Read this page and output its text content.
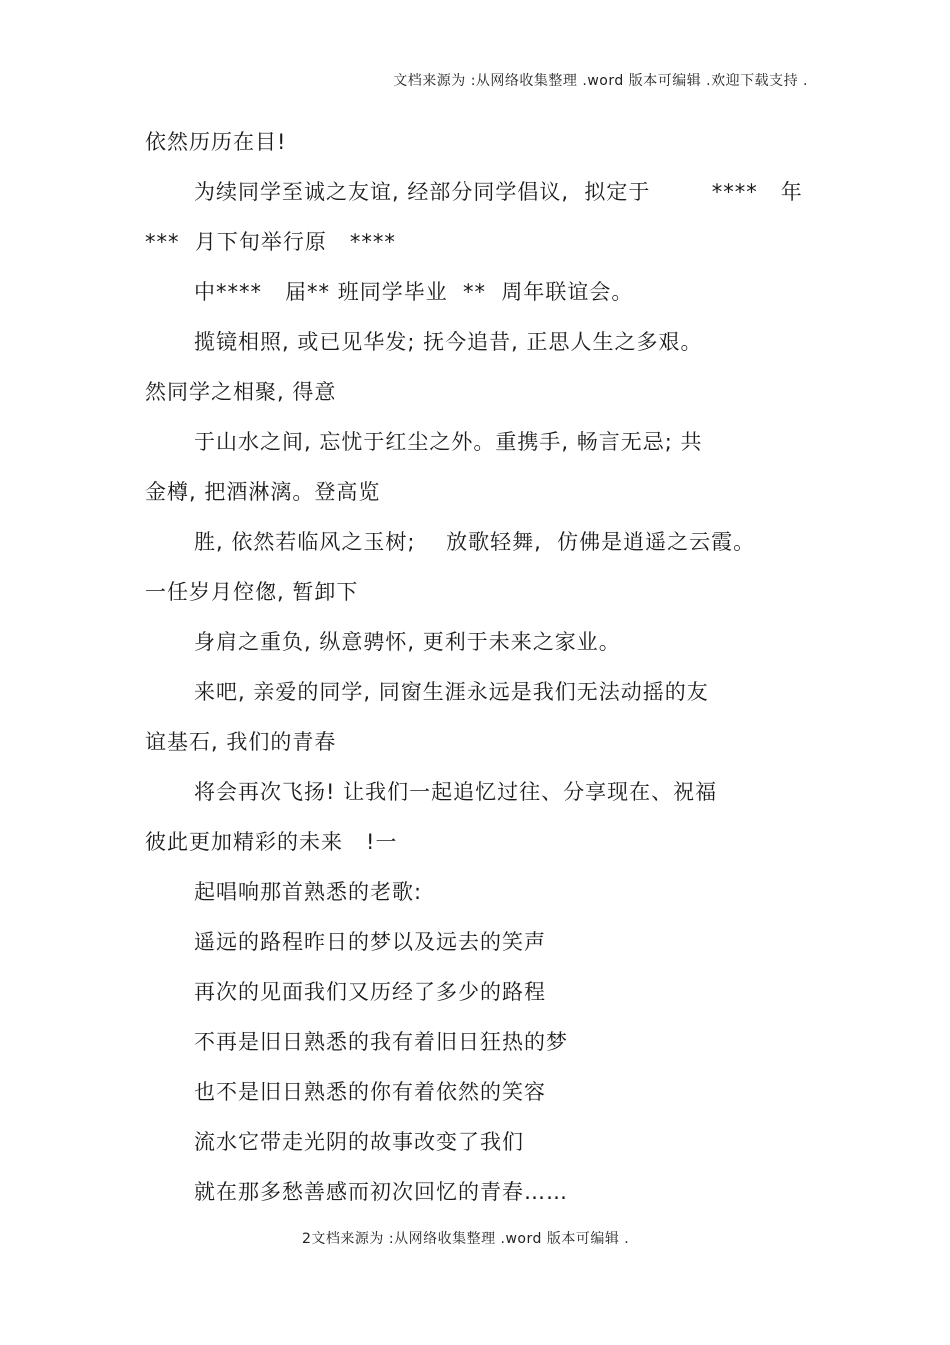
文档来源为 :从网络收集整理 .word 版本可编辑 .欢迎下载支持 .
依然历历在目!
为续同学至诚之友谊, 经部分同学倡议,  拟定于        ****   年
***  月下旬举行原   ****
中****   届** 班同学毕业  **  周年联谊会。
揽镜相照, 或已见华发; 抚今追昔, 正思人生之多艰。
然同学之相聚, 得意
于山水之间, 忘忧于红尘之外。重携手, 畅言无忌; 共
金樽, 把酒淋漓。登高览
胜, 依然若临风之玉树;    放歌轻舞,  仿佛是逍遥之云霞。
一任岁月倥偬, 暂卸下
身肩之重负, 纵意骋怀, 更利于未来之家业。
来吧, 亲爱的同学, 同窗生涯永远是我们无法动摇的友
谊基石, 我们的青春
将会再次飞扬! 让我们一起追忆过往、分享现在、祝福
彼此更加精彩的未来   !一
起唱响那首熟悉的老歌:
遥远的路程昨日的梦以及远去的笑声
再次的见面我们又历经了多少的路程
不再是旧日熟悉的我有着旧日狂热的梦
也不是旧日熟悉的你有着依然的笑容
流水它带走光阴的故事改变了我们
就在那多愁善感而初次回忆的青春……
2文档来源为 :从网络收集整理 .word 版本可编辑 .
